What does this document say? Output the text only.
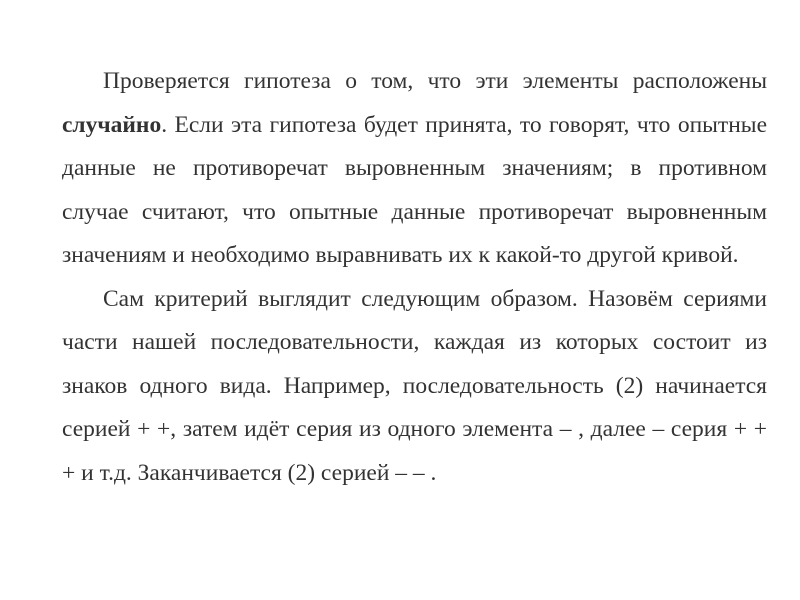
Проверяется гипотеза о том, что эти элементы расположены случайно. Если эта гипотеза будет принята, то говорят, что опытные данные не противоречат выровненным значениям; в противном случае считают, что опытные данные противоречат выровненным значениям и необходимо выравнивать их к какой-то другой кривой.

Сам критерий выглядит следующим образом. Назовём сериями части нашей последовательности, каждая из которых состоит из знаков одного вида. Например, последовательность (2) начинается серией + +, затем идёт серия из одного элемента – , далее – серия + + + и т.д. Заканчивается (2) серией – – .
